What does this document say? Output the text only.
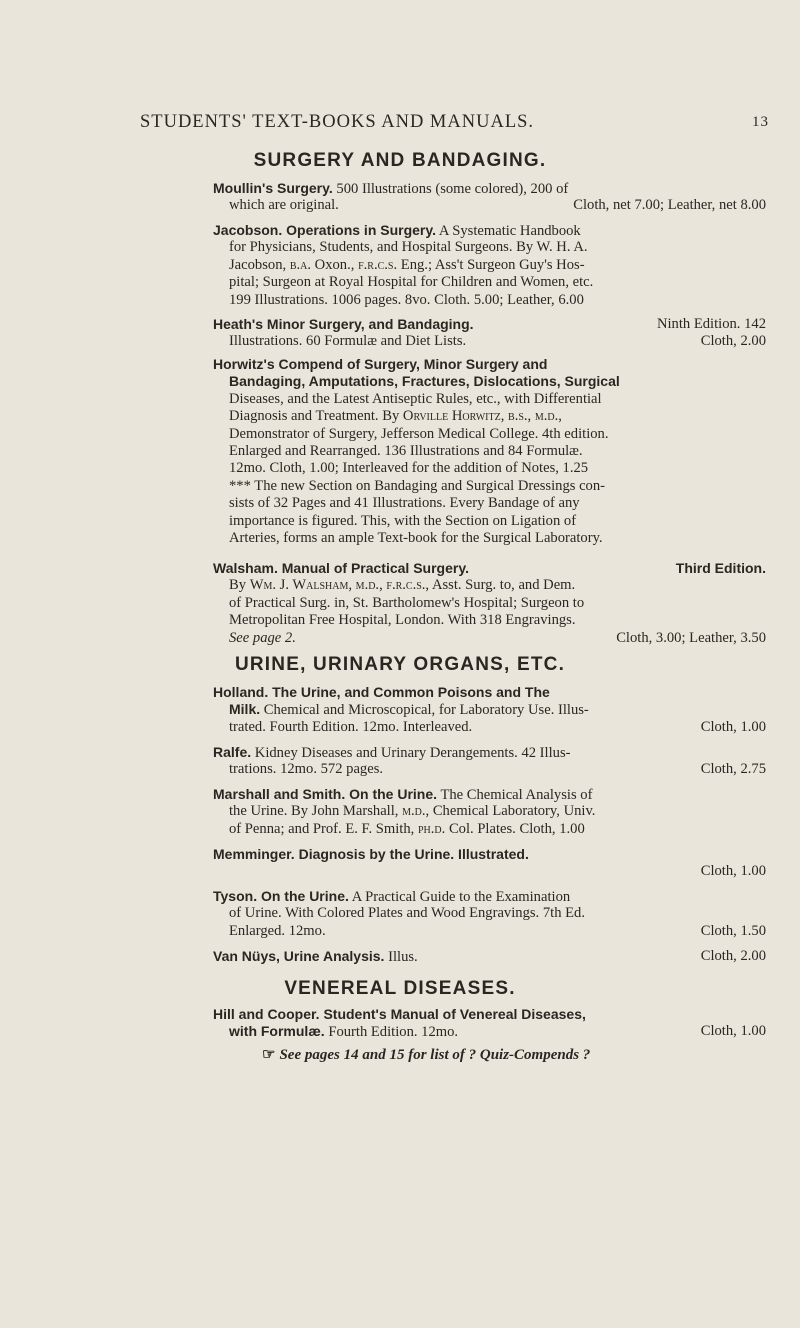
STUDENTS' TEXT-BOOKS AND MANUALS.	13
SURGERY AND BANDAGING.
Moullin's Surgery. 500 Illustrations (some colored), 200 of
which are original.	Cloth, net 7.00; Leather, net 8.00
Jacobson. Operations in Surgery. A Systematic Handbook
for Physicians, Students, and Hospital Surgeons. By W. H. A.
Jacobson, b.a. Oxon., f.r.c.s. Eng.; Ass't Surgeon Guy's Hos-
pital; Surgeon at Royal Hospital for Children and Women, etc.
199 Illustrations. 1006 pages. 8vo. Cloth. 5.00; Leather, 6.00
Heath's Minor Surgery, and Bandaging.	Ninth Edition. 142
Illustrations. 60 Formulæ and Diet Lists.	Cloth, 2.00
Horwitz's Compend of Surgery, Minor Surgery and
Bandaging, Amputations, Fractures, Dislocations, Surgical
Diseases, and the Latest Antiseptic Rules, etc., with Differential
Diagnosis and Treatment. By Orville Horwitz, b.s., m.d.,
Demonstrator of Surgery, Jefferson Medical College. 4th edition.
Enlarged and Rearranged. 136 Illustrations and 84 Formulæ.
12mo. Cloth, 1.00; Interleaved for the addition of Notes, 1.25
*** The new Section on Bandaging and Surgical Dressings con-
sists of 32 Pages and 41 Illustrations. Every Bandage of any
importance is figured. This, with the Section on Ligation of
Arteries, forms an ample Text-book for the Surgical Laboratory.
Walsham. Manual of Practical Surgery.	Third Edition.
By Wm. J. Walsham, m.d., f.r.c.s., Asst. Surg. to, and Dem.
of Practical Surg. in, St. Bartholomew's Hospital; Surgeon to
Metropolitan Free Hospital, London. With 318 Engravings.
See page 2.	Cloth, 3.00; Leather, 3.50
URINE, URINARY ORGANS, ETC.
Holland. The Urine, and Common Poisons and The
Milk. Chemical and Microscopical, for Laboratory Use. Illus-
trated. Fourth Edition. 12mo. Interleaved.	Cloth, 1.00
Ralfe. Kidney Diseases and Urinary Derangements. 42 Illus-
trations. 12mo. 572 pages.	Cloth, 2.75
Marshall and Smith. On the Urine. The Chemical Analysis of
the Urine. By John Marshall, m.d., Chemical Laboratory, Univ.
of Penna; and Prof. E. F. Smith, ph.d. Col. Plates. Cloth, 1.00
Memminger. Diagnosis by the Urine. Illustrated.
Cloth, 1.00
Tyson. On the Urine. A Practical Guide to the Examination
of Urine. With Colored Plates and Wood Engravings. 7th Ed.
Enlarged. 12mo.	Cloth, 1.50
Van Nüys, Urine Analysis. Illus.	Cloth, 2.00
VENEREAL DISEASES.
Hill and Cooper. Student's Manual of Venereal Diseases,
with Formulæ. Fourth Edition. 12mo.	Cloth, 1.00
☞ See pages 14 and 15 for list of ? Quiz-Compends ?
